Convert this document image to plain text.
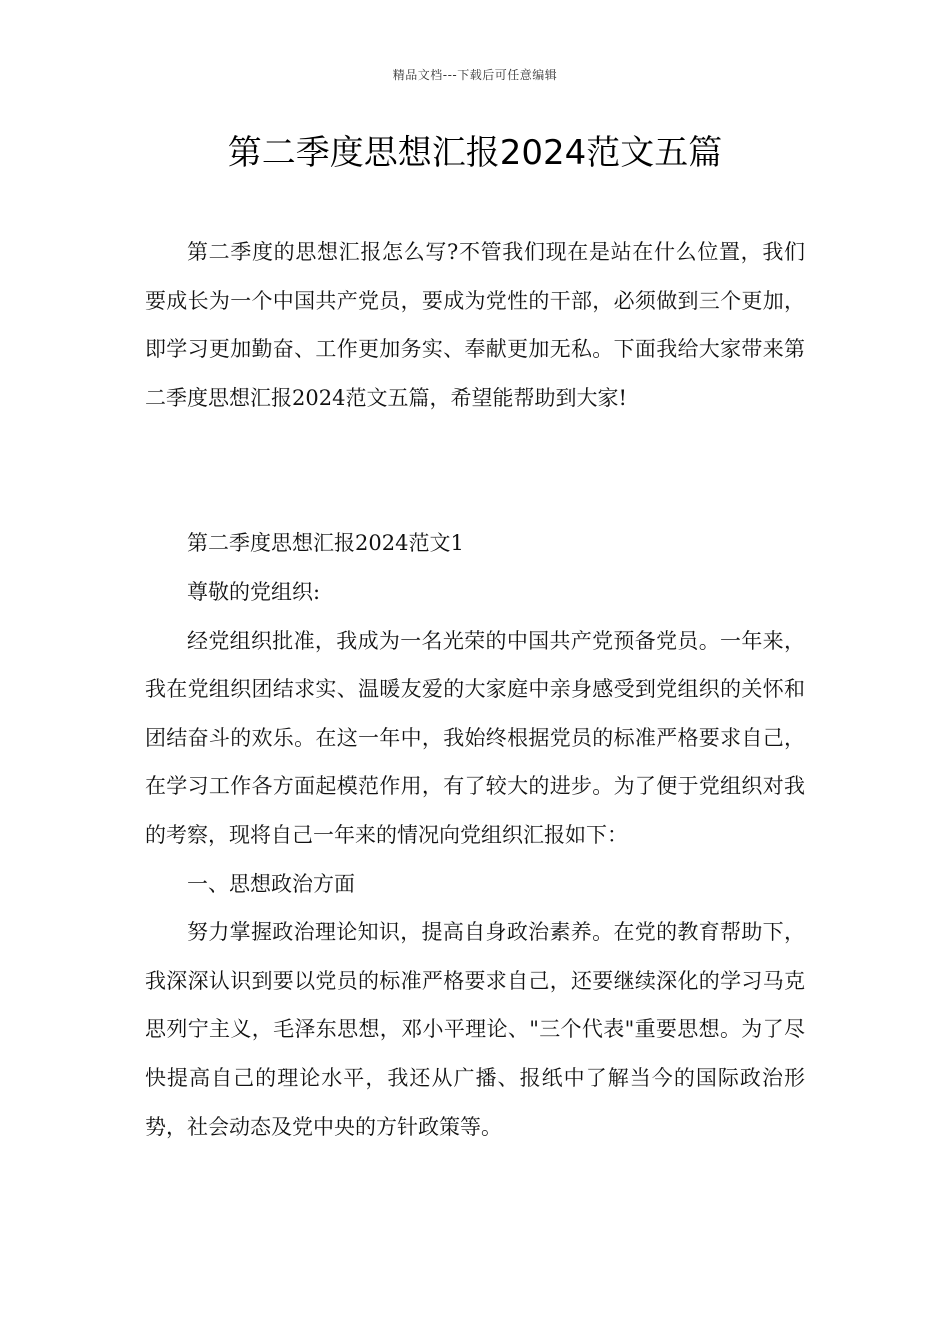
精品文档---下载后可任意编辑
第二季度思想汇报2024范文五篇

第二季度的思想汇报怎么写?不管我们现在是站在什么位置，我们要成长为一个中国共产党员，要成为党性的干部，必须做到三个更加，即学习更加勤奋、工作更加务实、奉献更加无私。下面我给大家带来第二季度思想汇报2024范文五篇，希望能帮助到大家!

第二季度思想汇报2024范文1

尊敬的党组织:

经党组织批准，我成为一名光荣的中国共产党预备党员。一年来，我在党组织团结求实、温暖友爱的大家庭中亲身感受到党组织的关怀和团结奋斗的欢乐。在这一年中，我始终根据党员的标准严格要求自己，在学习工作各方面起模范作用，有了较大的进步。为了便于党组织对我的考察，现将自己一年来的情况向党组织汇报如下：

一、思想政治方面

努力掌握政治理论知识，提高自身政治素养。在党的教育帮助下，我深深认识到要以党员的标准严格要求自己，还要继续深化的学习马克思列宁主义，毛泽东思想，邓小平理论、"三个代表"重要思想。为了尽快提高自己的理论水平，我还从广播、报纸中了解当今的国际政治形势，社会动态及党中央的方针政策等。
